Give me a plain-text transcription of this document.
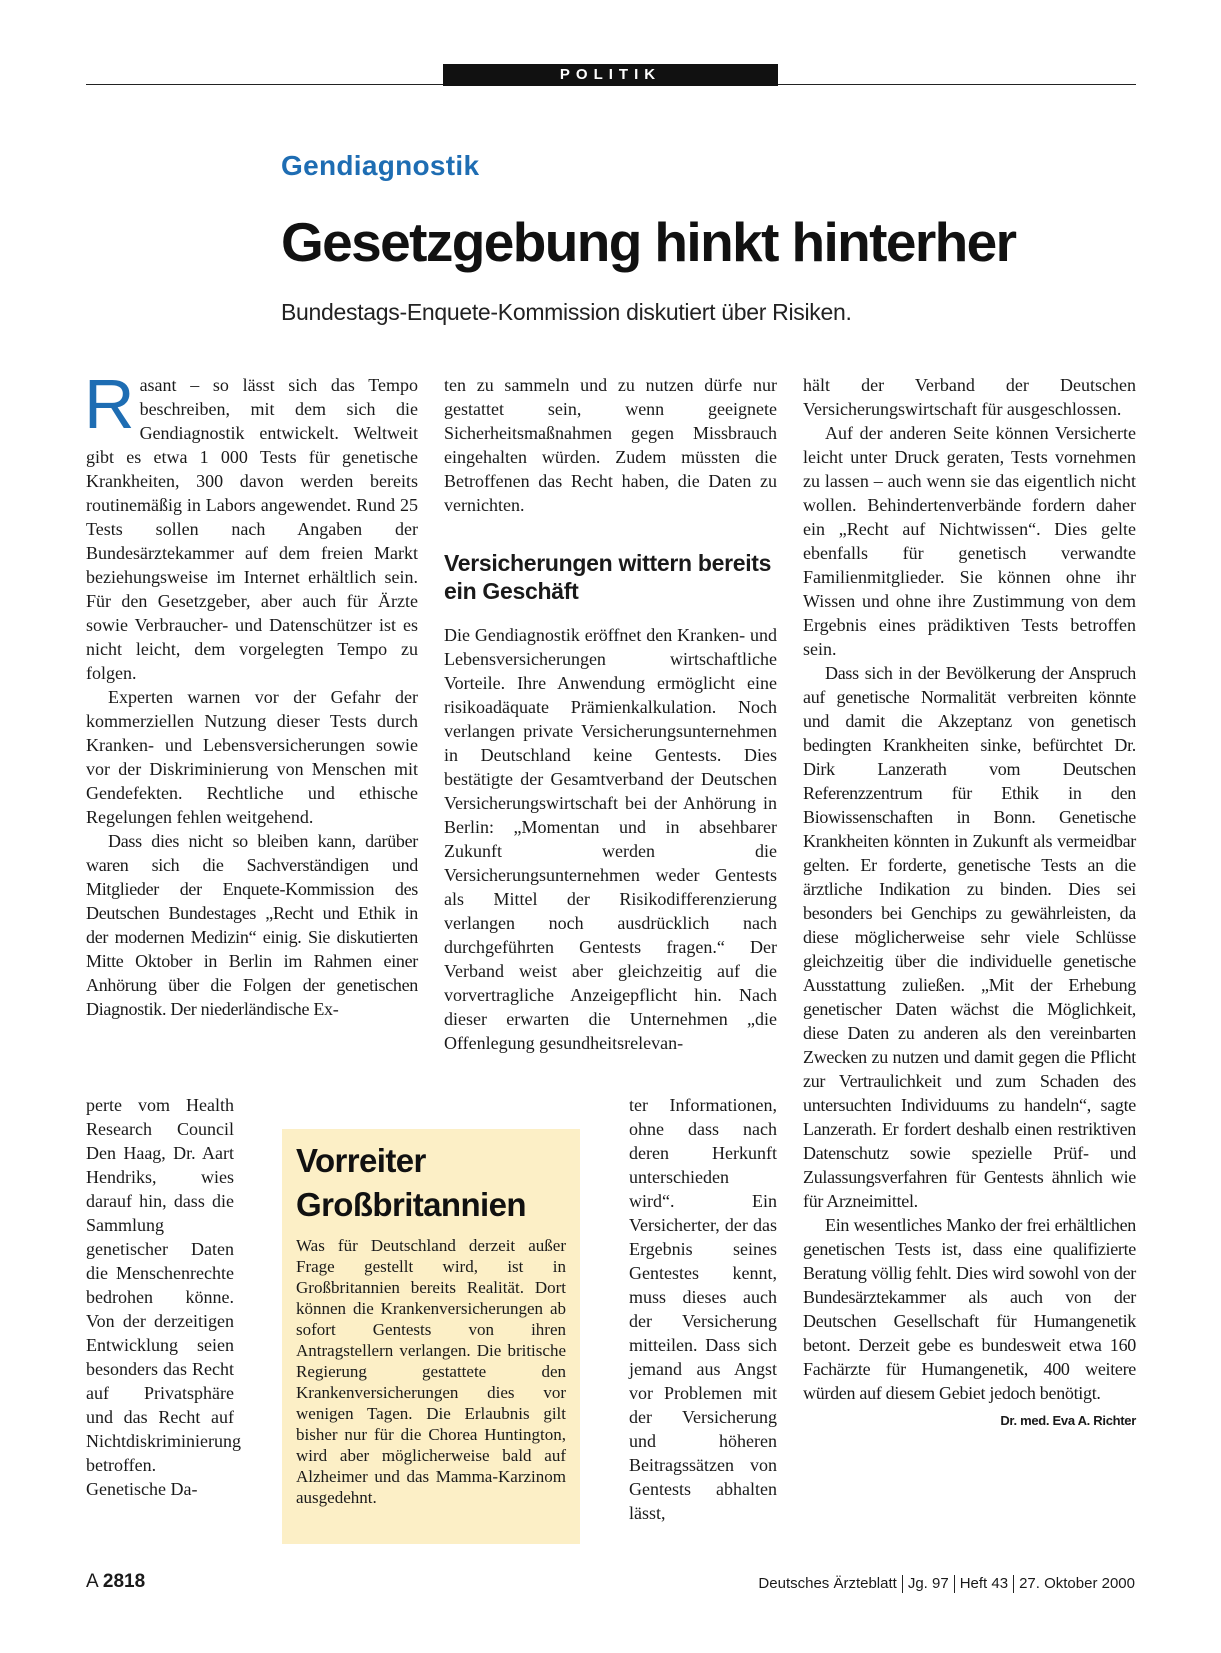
POLITIK
Gendiagnostik
Gesetzgebung hinkt hinterher
Bundestags-Enquete-Kommission diskutiert über Risiken.

Rasant – so lässt sich das Tempo beschreiben, mit dem sich die Gendiagnostik entwickelt. Weltweit gibt es etwa 1 000 Tests für genetische Krankheiten, 300 davon werden bereits routinemäßig in Labors angewendet. Rund 25 Tests sollen nach Angaben der Bundesärztekammer auf dem freien Markt beziehungsweise im Internet erhältlich sein. Für den Gesetzgeber, aber auch für Ärzte sowie Verbraucher- und Datenschützer ist es nicht leicht, dem vorgelegten Tempo zu folgen.

Experten warnen vor der Gefahr der kommerziellen Nutzung dieser Tests durch Kranken- und Lebensversicherungen sowie vor der Diskriminierung von Menschen mit Gendefekten. Rechtliche und ethische Regelungen fehlen weitgehend.

Dass dies nicht so bleiben kann, darüber waren sich die Sachverständigen und Mitglieder der Enquete-Kommission des Deutschen Bundestages „Recht und Ethik in der modernen Medizin“ einig. Sie diskutierten Mitte Oktober in Berlin im Rahmen einer Anhörung über die Folgen der genetischen Diagnostik. Der niederländische Ex-

perte vom Health Research Council Den Haag, Dr. Aart Hendriks, wies darauf hin, dass die Sammlung genetischer Daten die Menschenrechte bedrohen könne. Von der derzeitigen Entwicklung seien besonders das Recht auf Privatsphäre und das Recht auf Nichtdiskriminierung betroffen. Genetische Da-

ten zu sammeln und zu nutzen dürfe nur gestattet sein, wenn geeignete Sicherheitsmaßnahmen gegen Missbrauch eingehalten würden. Zudem müssten die Betroffenen das Recht haben, die Daten zu vernichten.

Versicherungen wittern bereits ein Geschäft

Die Gendiagnostik eröffnet den Kranken- und Lebensversicherungen wirtschaftliche Vorteile. Ihre Anwendung ermöglicht eine risikoadäquate Prämienkalkulation. Noch verlangen private Versicherungsunternehmen in Deutschland keine Gentests. Dies bestätigte der Gesamtverband der Deutschen Versicherungswirtschaft bei der Anhörung in Berlin: „Momentan und in absehbarer Zukunft werden die Versicherungsunternehmen weder Gentests als Mittel der Risikodifferenzierung verlangen noch ausdrücklich nach durchgeführten Gentests fragen.“ Der Verband weist aber gleichzeitig auf die vorvertragliche Anzeigepflicht hin. Nach dieser erwarten die Unternehmen „die Offenlegung gesundheitsrelevan-

ter Informationen, ohne dass nach deren Herkunft unterschieden wird“. Ein Versicherter, der das Ergebnis seines Gentestes kennt, muss dieses auch der Versicherung mitteilen. Dass sich jemand aus Angst vor Problemen mit der Versicherung und höheren Beitragssätzen von Gentests abhalten lässt,

hält der Verband der Deutschen Versicherungswirtschaft für ausgeschlossen.

Auf der anderen Seite können Versicherte leicht unter Druck geraten, Tests vornehmen zu lassen – auch wenn sie das eigentlich nicht wollen. Behindertenverbände fordern daher ein „Recht auf Nichtwissen“. Dies gelte ebenfalls für genetisch verwandte Familienmitglieder. Sie können ohne ihr Wissen und ohne ihre Zustimmung von dem Ergebnis eines prädiktiven Tests betroffen sein.

Dass sich in der Bevölkerung der Anspruch auf genetische Normalität verbreiten könnte und damit die Akzeptanz von genetisch bedingten Krankheiten sinke, befürchtet Dr. Dirk Lanzerath vom Deutschen Referenzzentrum für Ethik in den Biowissenschaften in Bonn. Genetische Krankheiten könnten in Zukunft als vermeidbar gelten. Er forderte, genetische Tests an die ärztliche Indikation zu binden. Dies sei besonders bei Genchips zu gewährleisten, da diese möglicherweise sehr viele Schlüsse gleichzeitig über die individuelle genetische Ausstattung zuließen. „Mit der Erhebung genetischer Daten wächst die Möglichkeit, diese Daten zu anderen als den vereinbarten Zwecken zu nutzen und damit gegen die Pflicht zur Vertraulichkeit und zum Schaden des untersuchten Individuums zu handeln“, sagte Lanzerath. Er fordert deshalb einen restriktiven Datenschutz sowie spezielle Prüf- und Zulassungsverfahren für Gentests ähnlich wie für Arzneimittel.

Ein wesentliches Manko der frei erhältlichen genetischen Tests ist, dass eine qualifizierte Beratung völlig fehlt. Dies wird sowohl von der Bundesärztekammer als auch von der Deutschen Gesellschaft für Humangenetik betont. Derzeit gebe es bundesweit etwa 160 Fachärzte für Humangenetik, 400 weitere würden auf diesem Gebiet jedoch benötigt.
Dr. med. Eva A. Richter

Vorreiter Großbritannien

Was für Deutschland derzeit außer Frage gestellt wird, ist in Großbritannien bereits Realität. Dort können die Krankenversicherungen ab sofort Gentests von ihren Antragstellern verlangen. Die britische Regierung gestattete den Krankenversicherungen dies vor wenigen Tagen. Die Erlaubnis gilt bisher nur für die Chorea Huntington, wird aber möglicherweise bald auf Alzheimer und das Mamma-Karzinom ausgedehnt.

A 2818	Deutsches Ärzteblatt Jg. 97 Heft 43 27. Oktober 2000
